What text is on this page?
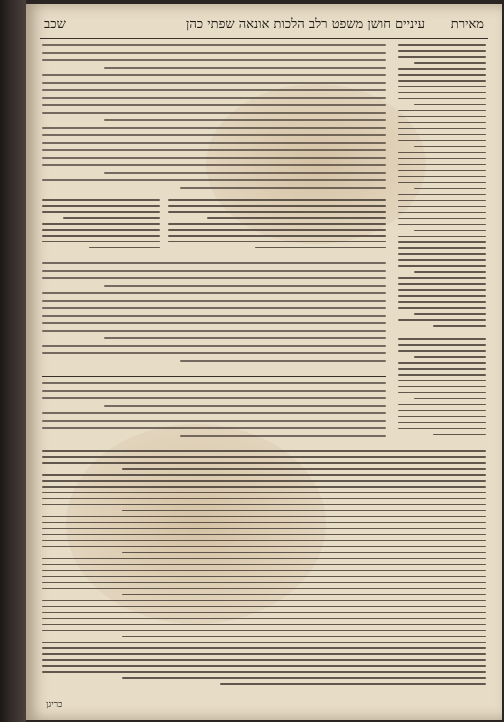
שכב	עיניים חושן משפט רלב הלכות אונאה שפתי כהן מאירת
כריגן
